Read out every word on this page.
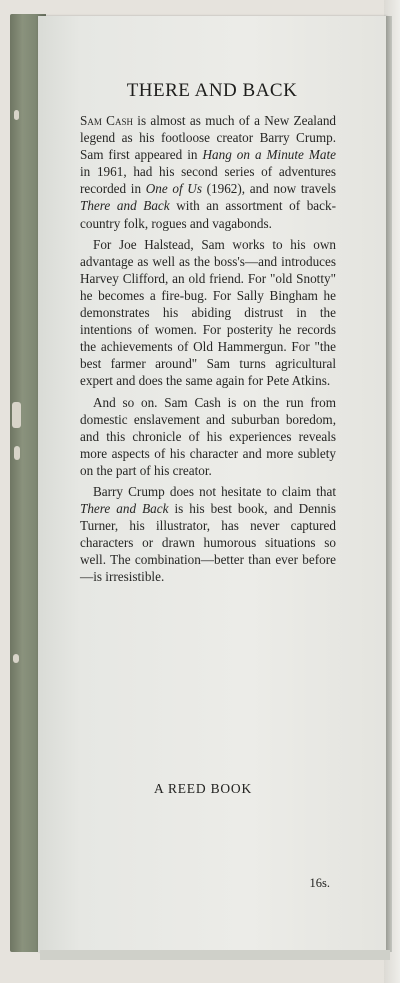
THERE AND BACK

Sam Cash is almost as much of a New Zealand legend as his footloose creator Barry Crump. Sam first appeared in Hang on a Minute Mate in 1961, had his second series of adventures recorded in One of Us (1962), and now travels There and Back with an assortment of back-country folk, rogues and vagabonds.

For Joe Halstead, Sam works to his own advantage as well as the boss's—and introduces Harvey Clifford, an old friend. For "old Snotty" he becomes a fire-bug. For Sally Bingham he demonstrates his abiding distrust in the intentions of women. For posterity he records the achievements of Old Hammergun. For "the best farmer around" Sam turns agricultural expert and does the same again for Pete Atkins.

And so on. Sam Cash is on the run from domestic enslavement and suburban boredom, and this chronicle of his experiences reveals more aspects of his character and more sublety on the part of his creator.

Barry Crump does not hesitate to claim that There and Back is his best book, and Dennis Turner, his illustrator, has never captured characters or drawn humorous situations so well. The combination—better than ever before—is irresistible.

A REED BOOK
16s.
